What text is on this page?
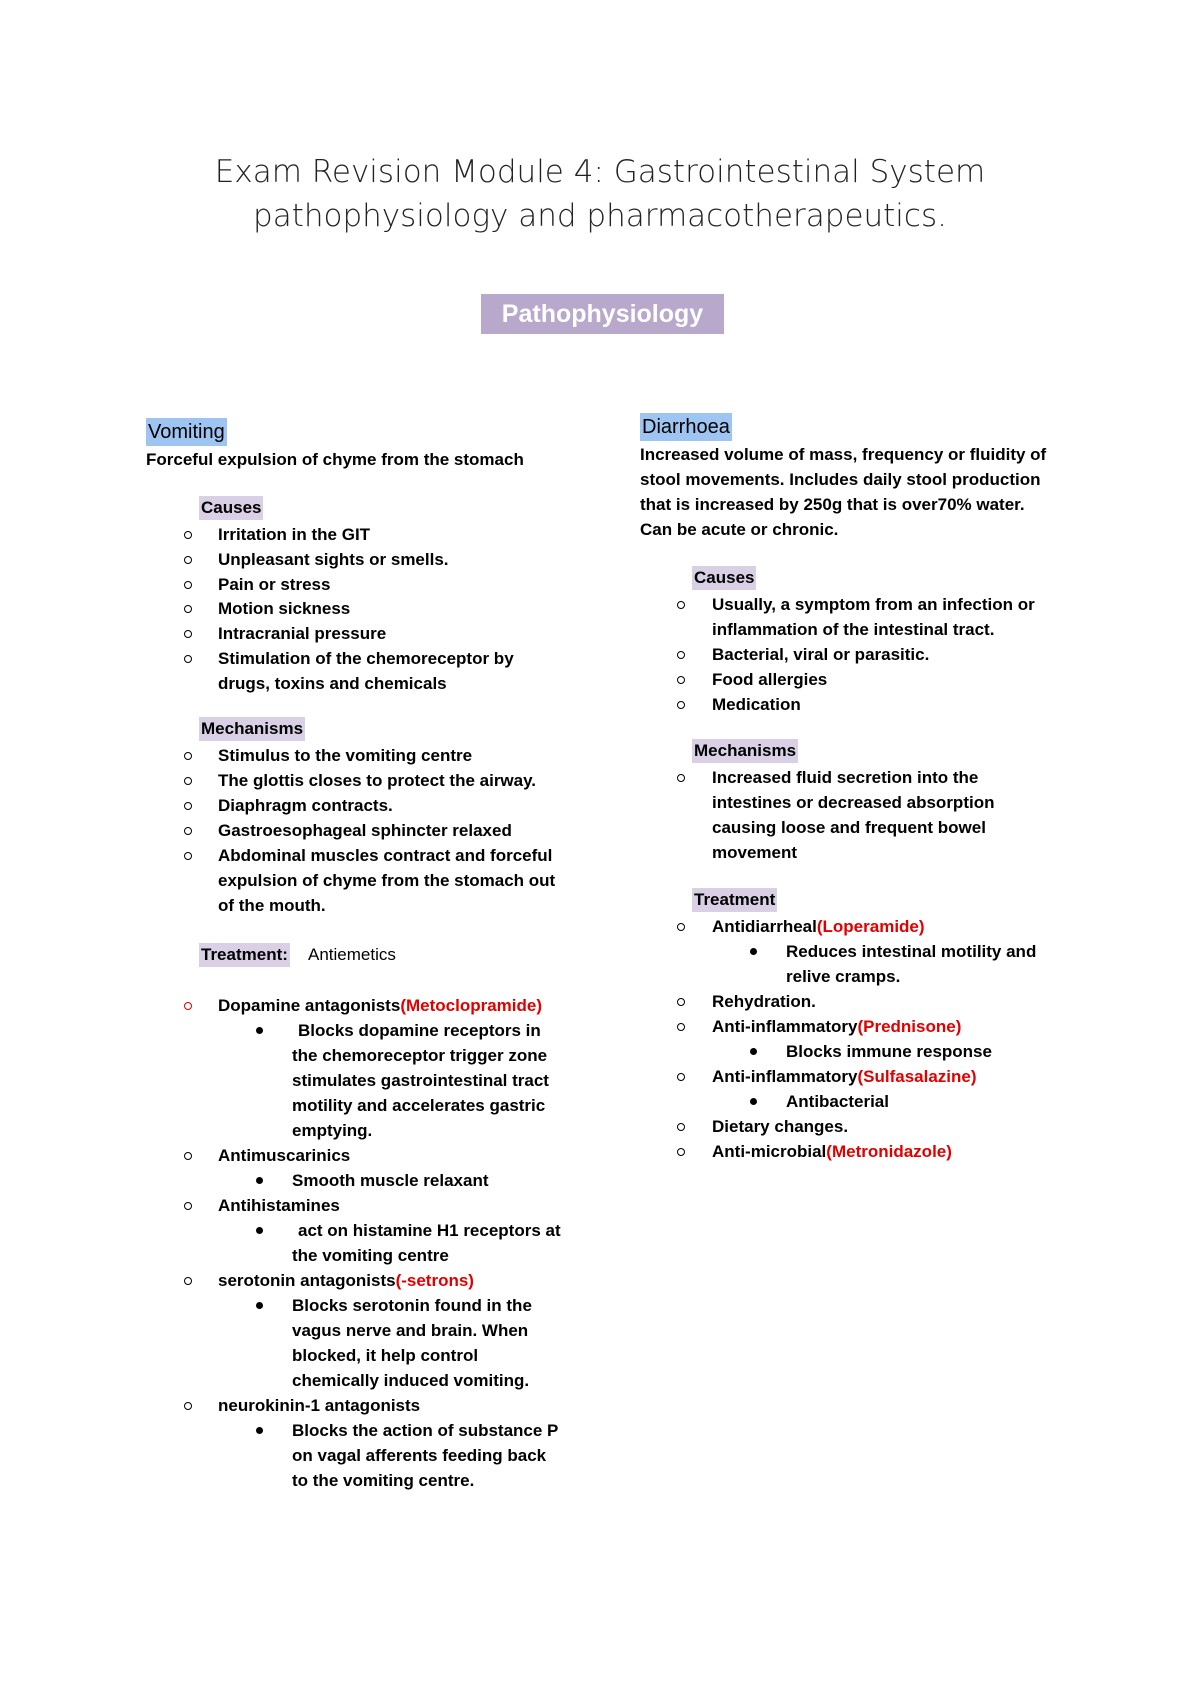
Exam Revision Module 4: Gastrointestinal System
pathophysiology and pharmacotherapeutics.
Pathophysiology
Vomiting
Forceful expulsion of chyme from the stomach
Causes
Irritation in the GIT
Unpleasant sights or smells.
Pain or stress
Motion sickness
Intracranial pressure
Stimulation of the chemoreceptor by
drugs, toxins and chemicals
Mechanisms
Stimulus to the vomiting centre
The glottis closes to protect the airway.
Diaphragm contracts.
Gastroesophageal sphincter relaxed
Abdominal muscles contract and forceful
expulsion of chyme from the stomach out
of the mouth.
Treatment: Antiemetics
Dopamine antagonists(Metoclopramide)
Blocks dopamine receptors in
the chemoreceptor trigger zone
stimulates gastrointestinal tract
motility and accelerates gastric
emptying.
Antimuscarinics
Smooth muscle relaxant
Antihistamines
act on histamine H1 receptors at
the vomiting centre
serotonin antagonists(-setrons)
Blocks serotonin found in the
vagus nerve and brain. When
blocked, it help control
chemically induced vomiting.
neurokinin-1 antagonists
Blocks the action of substance P
on vagal afferents feeding back
to the vomiting centre.
Diarrhoea
Increased volume of mass, frequency or fluidity of
stool movements. Includes daily stool production
that is increased by 250g that is over70% water.
Can be acute or chronic.
Causes
Usually, a symptom from an infection or
inflammation of the intestinal tract.
Bacterial, viral or parasitic.
Food allergies
Medication
Mechanisms
Increased fluid secretion into the
intestines or decreased absorption
causing loose and frequent bowel
movement
Treatment
Antidiarrheal(Loperamide)
Reduces intestinal motility and
relive cramps.
Rehydration.
Anti-inflammatory(Prednisone)
Blocks immune response
Anti-inflammatory(Sulfasalazine)
Antibacterial
Dietary changes.
Anti-microbial(Metronidazole)
